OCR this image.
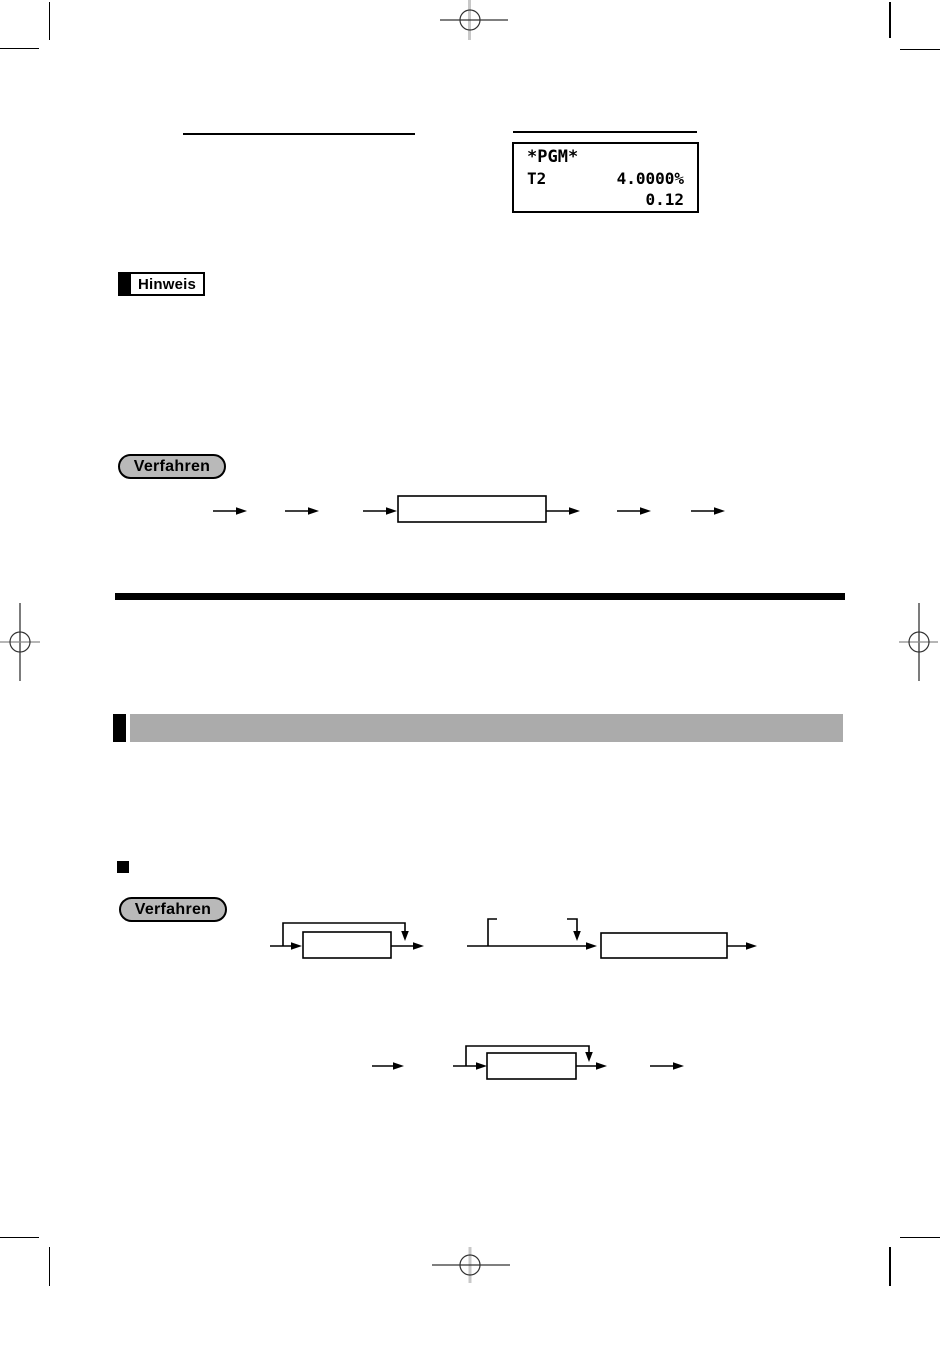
*PGM*
T2	4.0000%
0.12
Hinweis
Verfahren
Verfahren
